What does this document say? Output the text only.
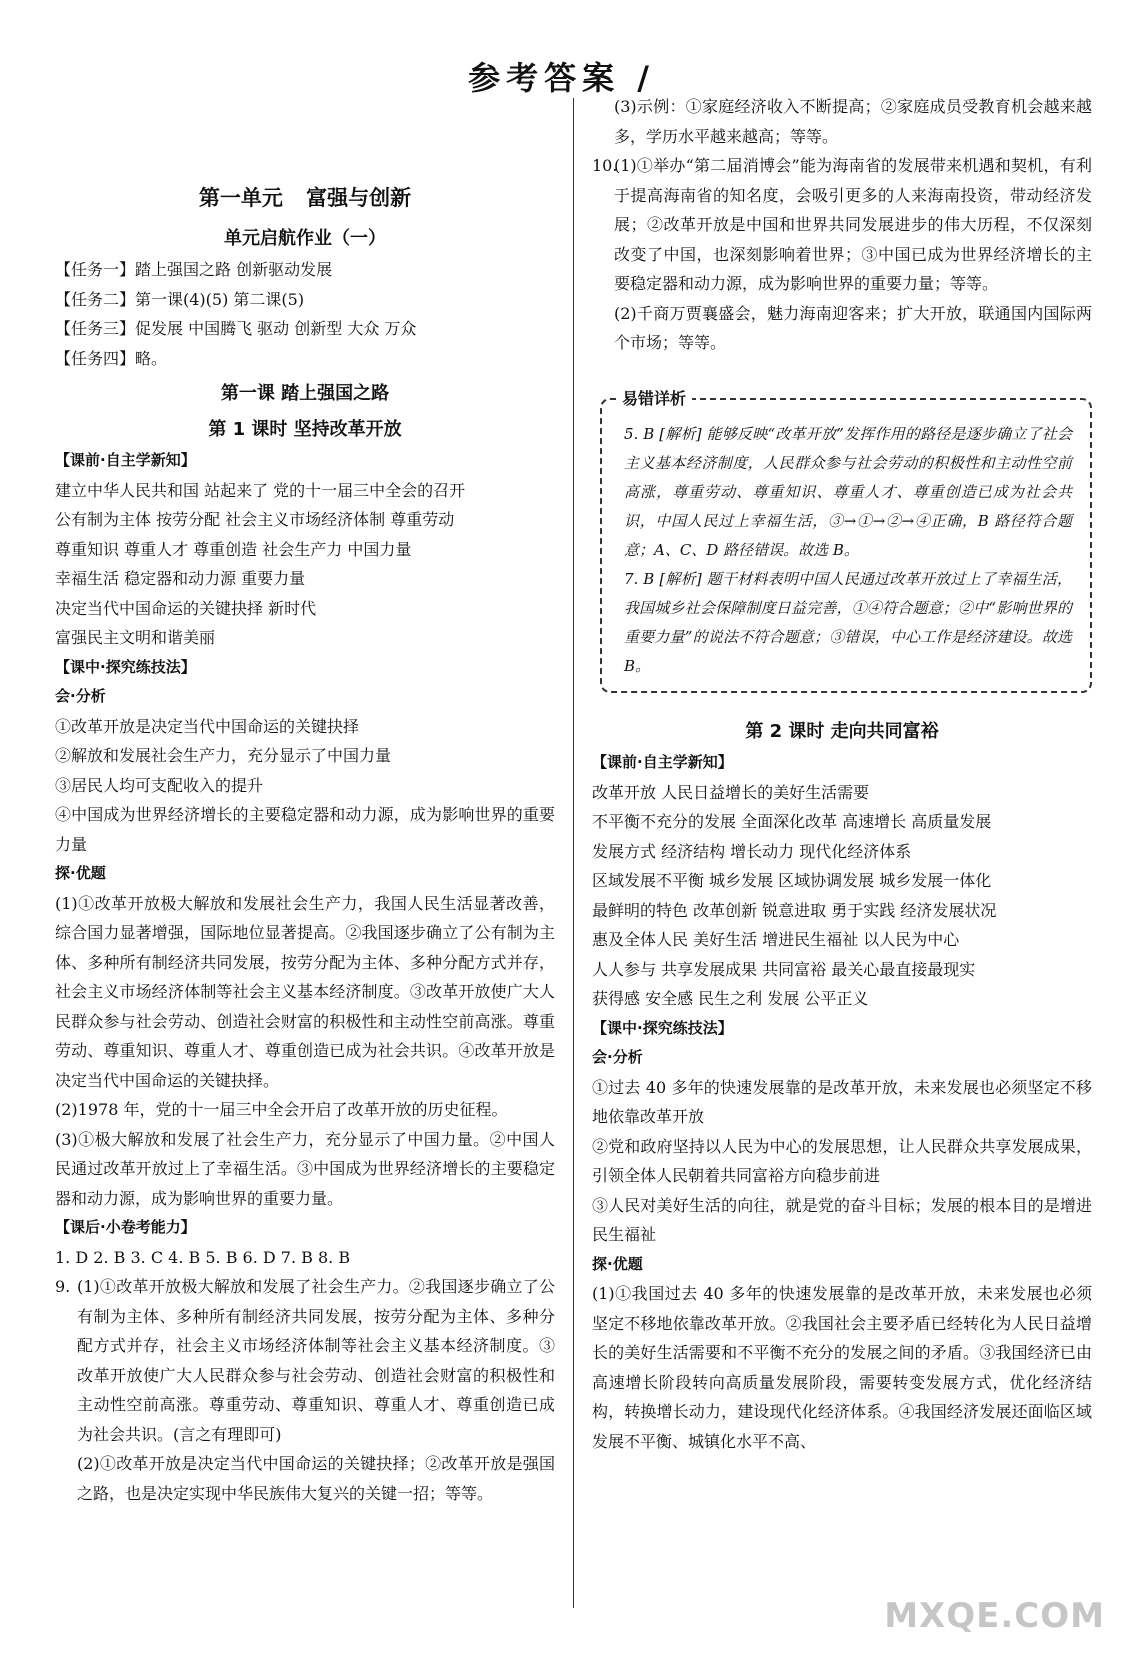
参考答案 /
第一单元 富强与创新
单元启航作业（一）

【任务一】踏上强国之路 创新驱动发展

【任务二】第一课(4)(5) 第二课(5)

【任务三】促发展 中国腾飞 驱动 创新型 大众 万众

【任务四】略。

第一课 踏上强国之路
第 1 课时 坚持改革开放

【课前·自主学新知】

建立中华人民共和国 站起来了 党的十一届三中全会的召开

公有制为主体 按劳分配 社会主义市场经济体制 尊重劳动

尊重知识 尊重人才 尊重创造 社会生产力 中国力量

幸福生活 稳定器和动力源 重要力量

决定当代中国命运的关键抉择 新时代

富强民主文明和谐美丽

【课中·探究练技法】

会·分析

①改革开放是决定当代中国命运的关键抉择

②解放和发展社会生产力，充分显示了中国力量

③居民人均可支配收入的提升

④中国成为世界经济增长的主要稳定器和动力源，成为影响世界的重要力量

探·优题

(1)①改革开放极大解放和发展社会生产力，我国人民生活显著改善，综合国力显著增强，国际地位显著提高。②我国逐步确立了公有制为主体、多种所有制经济共同发展，按劳分配为主体、多种分配方式并存，社会主义市场经济体制等社会主义基本经济制度。③改革开放使广大人民群众参与社会劳动、创造社会财富的积极性和主动性空前高涨。尊重劳动、尊重知识、尊重人才、尊重创造已成为社会共识。④改革开放是决定当代中国命运的关键抉择。

(2)1978 年，党的十一届三中全会开启了改革开放的历史征程。

(3)①极大解放和发展了社会生产力，充分显示了中国力量。②中国人民通过改革开放过上了幸福生活。③中国成为世界经济增长的主要稳定器和动力源，成为影响世界的重要力量。

【课后·小卷考能力】

1. D 2. B 3. C 4. B 5. B 6. D 7. B 8. B

9. (1)①改革开放极大解放和发展了社会生产力。②我国逐步确立了公有制为主体、多种所有制经济共同发展，按劳分配为主体、多种分配方式并存，社会主义市场经济体制等社会主义基本经济制度。③改革开放使广大人民群众参与社会劳动、创造社会财富的积极性和主动性空前高涨。尊重劳动、尊重知识、尊重人才、尊重创造已成为社会共识。(言之有理即可)

(2)①改革开放是决定当代中国命运的关键抉择；②改革开放是强国之路，也是决定实现中华民族伟大复兴的关键一招；等等。

(3)示例：①家庭经济收入不断提高；②家庭成员受教育机会越来越多，学历水平越来越高；等等。

10.

(1)①举办“第二届消博会”能为海南省的发展带来机遇和契机，有利于提高海南省的知名度，会吸引更多的人来海南投资，带动经济发展；②改革开放是中国和世界共同发展进步的伟大历程，不仅深刻改变了中国，也深刻影响着世界；③中国已成为世界经济增长的主要稳定器和动力源，成为影响世界的重要力量；等等。

(2)千商万贾襄盛会，魅力海南迎客来；扩大开放，联通国内国际两个市场；等等。

易错详析

5. B [解析] 能够反映“改革开放”发挥作用的路径是逐步确立了社会主义基本经济制度，人民群众参与社会劳动的积极性和主动性空前高涨，尊重劳动、尊重知识、尊重人才、尊重创造已成为社会共识，中国人民过上幸福生活，③→①→②→④正确，B 路径符合题意；A、C、D 路径错误。故选 B。

7. B [解析] 题干材料表明中国人民通过改革开放过上了幸福生活，我国城乡社会保障制度日益完善，①④符合题意；②中“影响世界的重要力量”的说法不符合题意；③错误，中心工作是经济建设。故选 B。

第 2 课时 走向共同富裕

【课前·自主学新知】

改革开放 人民日益增长的美好生活需要

不平衡不充分的发展 全面深化改革 高速增长 高质量发展

发展方式 经济结构 增长动力 现代化经济体系

区域发展不平衡 城乡发展 区域协调发展 城乡发展一体化

最鲜明的特色 改革创新 锐意进取 勇于实践 经济发展状况

惠及全体人民 美好生活 增进民生福祉 以人民为中心

人人参与 共享发展成果 共同富裕 最关心最直接最现实

获得感 安全感 民生之利 发展 公平正义

【课中·探究练技法】

会·分析

①过去 40 多年的快速发展靠的是改革开放，未来发展也必须坚定不移地依靠改革开放

②党和政府坚持以人民为中心的发展思想，让人民群众共享发展成果，引领全体人民朝着共同富裕方向稳步前进

③人民对美好生活的向往，就是党的奋斗目标；发展的根本目的是增进民生福祉

探·优题

(1)①我国过去 40 多年的快速发展靠的是改革开放，未来发展也必须坚定不移地依靠改革开放。②我国社会主要矛盾已经转化为人民日益增长的美好生活需要和不平衡不充分的发展之间的矛盾。③我国经济已由高速增长阶段转向高质量发展阶段，需要转变发展方式，优化经济结构，转换增长动力，建设现代化经济体系。④我国经济发展还面临区域发展不平衡、城镇化水平不高、

MXQE.COM
